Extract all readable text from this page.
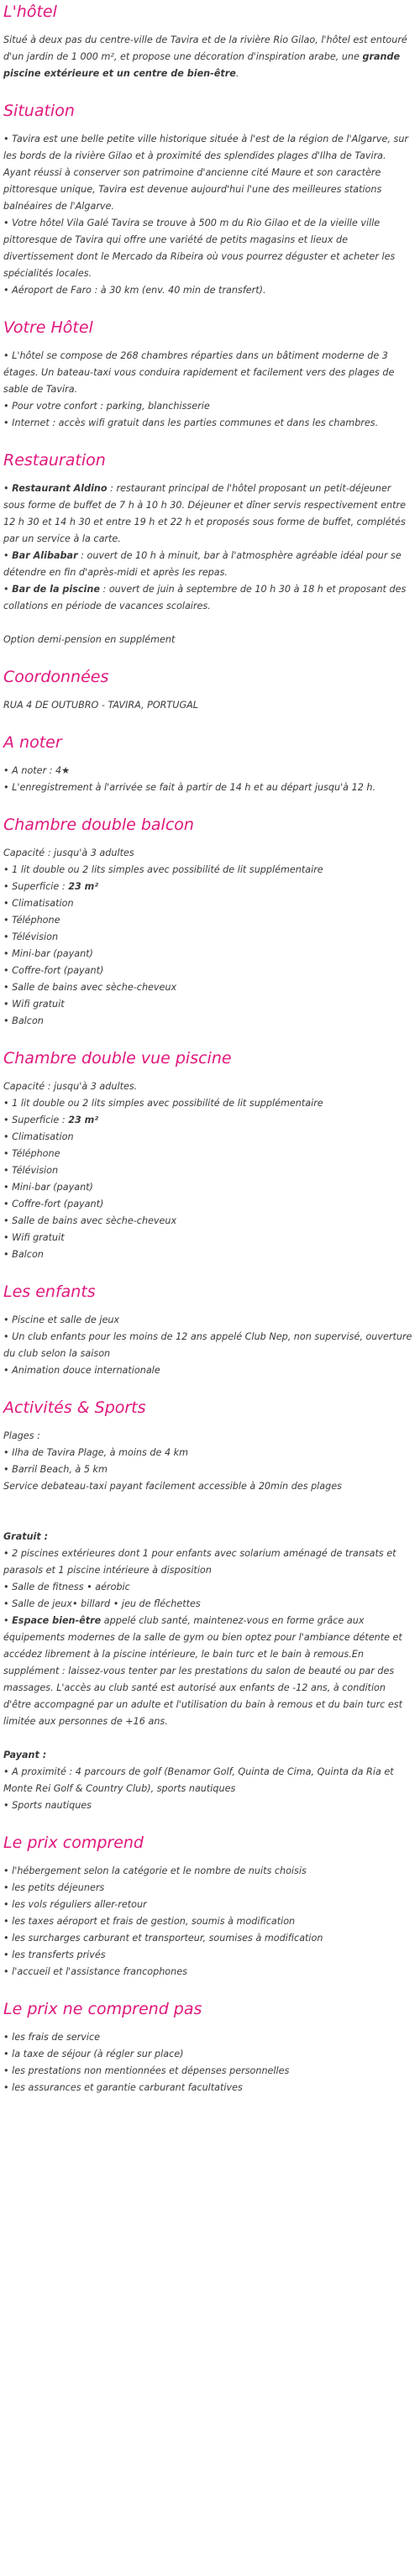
L'hôtel

Situé à deux pas du centre-ville de Tavira et de la rivière Rio Gilao, l'hôtel est entouré d'un jardin de 1 000 m², et propose une décoration d'inspiration arabe, une grande piscine extérieure et un centre de bien-être.

Situation

• Tavira est une belle petite ville historique située à l'est de la région de l'Algarve, sur les bords de la rivière Gilao et à proximité des splendides plages d'Ilha de Tavira. Ayant réussi à conserver son patrimoine d'ancienne cité Maure et son caractère pittoresque unique, Tavira est devenue aujourd'hui l'une des meilleures stations balnéaires de l'Algarve.
• Votre hôtel Vila Galé Tavira se trouve à 500 m du Rio Gilao et de la vieille ville pittoresque de Tavira qui offre une variété de petits magasins et lieux de divertissement dont le Mercado da Ribeira où vous pourrez déguster et acheter les spécialités locales.
• Aéroport de Faro : à 30 km (env. 40 min de transfert).

Votre Hôtel

• L'hôtel se compose de 268 chambres réparties dans un bâtiment moderne de 3 étages. Un bateau-taxi vous conduira rapidement et facilement vers des plages de sable de Tavira.
• Pour votre confort : parking, blanchisserie
• Internet : accès wifi gratuit dans les parties communes et dans les chambres.

Restauration

• Restaurant Aldino : restaurant principal de l'hôtel proposant un petit-déjeuner sous forme de buffet de 7 h à 10 h 30. Déjeuner et dîner servis respectivement entre 12 h 30 et 14 h 30 et entre 19 h et 22 h et proposés sous forme de buffet, complétés par un service à la carte.
• Bar Alibabar : ouvert de 10 h à minuit, bar à l'atmosphère agréable idéal pour se détendre en fin d'après-midi et après les repas.
• Bar de la piscine : ouvert de juin à septembre de 10 h 30 à 18 h et proposant des collations en période de vacances scolaires.
Option demi-pension en supplément

Coordonnées

RUA 4 DE OUTUBRO - TAVIRA, PORTUGAL

A noter

• A noter : 4★
• L'enregistrement à l'arrivée se fait à partir de 14 h et au départ jusqu'à 12 h.

Chambre double balcon

Capacité : jusqu'à 3 adultes
• 1 lit double ou 2 lits simples avec possibilité de lit supplémentaire
• Superficie : 23 m²
• Climatisation
• Téléphone
• Télévision
• Mini-bar (payant)
• Coffre-fort (payant)
• Salle de bains avec sèche-cheveux
• Wifi gratuit
• Balcon

Chambre double vue piscine

Capacité : jusqu'à 3 adultes.
• 1 lit double ou 2 lits simples avec possibilité de lit supplémentaire
• Superficie : 23 m²
• Climatisation
• Téléphone
• Télévision
• Mini-bar (payant)
• Coffre-fort (payant)
• Salle de bains avec sèche-cheveux
• Wifi gratuit
• Balcon

Les enfants

• Piscine et salle de jeux
• Un club enfants pour les moins de 12 ans appelé Club Nep, non supervisé, ouverture du club selon la saison
• Animation douce internationale

Activités & Sports

Plages :
• Ilha de Tavira Plage, à moins de 4 km
• Barril Beach, à 5 km
Service debateau-taxi payant facilement accessible à 20min des plages
Gratuit :
• 2 piscines extérieures dont 1 pour enfants avec solarium aménagé de transats et parasols et 1 piscine intérieure à disposition
• Salle de fitness • aérobic
• Salle de jeux• billard • jeu de fléchettes
• Espace bien-être appelé club santé, maintenez-vous en forme grâce aux équipements modernes de la salle de gym ou bien optez pour l'ambiance détente et accédez librement à la piscine intérieure, le bain turc et le bain à remous.En supplément : laissez-vous tenter par les prestations du salon de beauté ou par des massages. L'accès au club santé est autorisé aux enfants de -12 ans, à condition d'être accompagné par un adulte et l'utilisation du bain à remous et du bain turc est limitée aux personnes de +16 ans.
Payant :
• A proximité : 4 parcours de golf (Benamor Golf, Quinta de Cima, Quinta da Ria et Monte Rei Golf & Country Club), sports nautiques
• Sports nautiques

Le prix comprend

• l'hébergement selon la catégorie et le nombre de nuits choisis
• les petits déjeuners
• les vols réguliers aller-retour
• les taxes aéroport et frais de gestion, soumis à modification
• les surcharges carburant et transporteur, soumises à modification
• les transferts privés
• l'accueil et l'assistance francophones

Le prix ne comprend pas

• les frais de service
• la taxe de séjour (à régler sur place)
• les prestations non mentionnées et dépenses personnelles
• les assurances et garantie carburant facultatives
